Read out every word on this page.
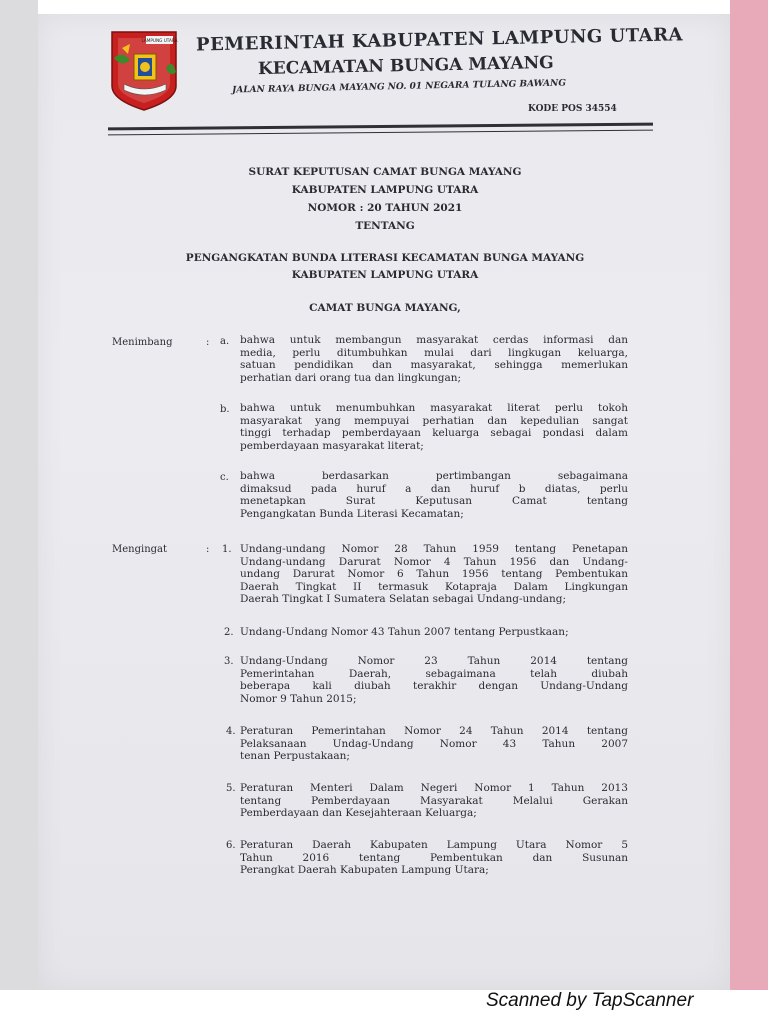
LAMPUNG UTARA PEMERINTAH KABUPATEN LAMPUNG UTARA
KECAMATAN BUNGA MAYANG
JALAN RAYA BUNGA MAYANG NO. 01 NEGARA TULANG BAWANG
KODE POS 34554
SURAT KEPUTUSAN CAMAT BUNGA MAYANG
KABUPATEN LAMPUNG UTARA
NOMOR : 20 TAHUN 2021
TENTANG
PENGANGKATAN BUNDA LITERASI KECAMATAN BUNGA MAYANG
KABUPATEN LAMPUNG UTARA
CAMAT BUNGA MAYANG,
Menimbang	: a. bahwa untuk membangun masyarakat cerdas informasi dan
media, perlu ditumbuhkan mulai dari lingkugan keluarga,
satuan pendidikan dan masyarakat, sehingga memerlukan
perhatian dari orang tua dan lingkungan;
b. bahwa untuk menumbuhkan masyarakat literat perlu tokoh
masyarakat yang mempuyai perhatian dan kepedulian sangat
tinggi terhadap pemberdayaan keluarga sebagai pondasi dalam
pemberdayaan masyarakat literat;
c. bahwa berdasarkan pertimbangan sebagaimana
dimaksud pada huruf a dan huruf b diatas, perlu
menetapkan Surat Keputusan Camat tentang
Pengangkatan Bunda Literasi Kecamatan;
Mengingat	: 1. Undang-undang Nomor 28 Tahun 1959 tentang Penetapan
Undang-undang Darurat Nomor 4 Tahun 1956 dan Undang-
undang Darurat Nomor 6 Tahun 1956 tentang Pembentukan
Daerah Tingkat II termasuk Kotapraja Dalam Lingkungan
Daerah Tingkat I Sumatera Selatan sebagai Undang-undang;
2. Undang-Undang Nomor 43 Tahun 2007 tentang Perpustkaan;
3. Undang-Undang Nomor 23 Tahun 2014 tentang
Pemerintahan Daerah, sebagaimana telah diubah
beberapa kali diubah terakhir dengan Undang-Undang
Nomor 9 Tahun 2015;
4. Peraturan Pemerintahan Nomor 24 Tahun 2014 tentang
Pelaksanaan Undag-Undang Nomor 43 Tahun 2007
tenan Perpustakaan;
5. Peraturan Menteri Dalam Negeri Nomor 1 Tahun 2013
tentang Pemberdayaan Masyarakat Melalui Gerakan
Pemberdayaan dan Kesejahteraan Keluarga;
6. Peraturan Daerah Kabupaten Lampung Utara Nomor 5
Tahun 2016 tentang Pembentukan dan Susunan
Perangkat Daerah Kabupaten Lampung Utara;
Scanned by TapScanner
